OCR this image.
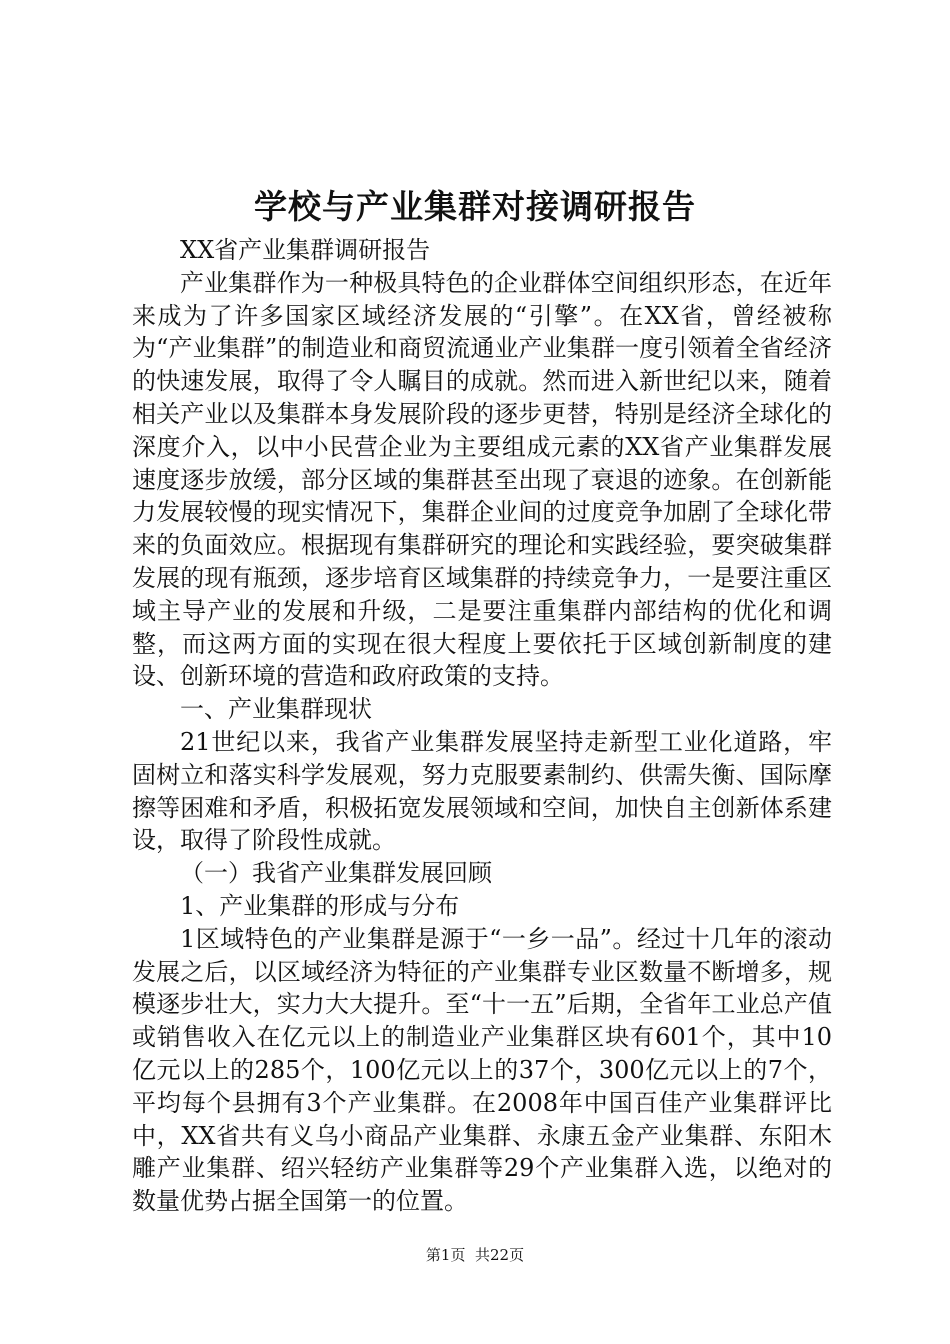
学校与产业集群对接调研报告

XX省产业集群调研报告

产业集群作为一种极具特色的企业群体空间组织形态，在近年来成为了许多国家区域经济发展的“引擎”。在XX省，曾经被称为“产业集群”的制造业和商贸流通业产业集群一度引领着全省经济的快速发展，取得了令人瞩目的成就。然而进入新世纪以来，随着相关产业以及集群本身发展阶段的逐步更替，特别是经济全球化的深度介入，以中小民营企业为主要组成元素的XX省产业集群发展速度逐步放缓，部分区域的集群甚至出现了衰退的迹象。在创新能力发展较慢的现实情况下，集群企业间的过度竞争加剧了全球化带来的负面效应。根据现有集群研究的理论和实践经验，要突破集群发展的现有瓶颈，逐步培育区域集群的持续竞争力，一是要注重区域主导产业的发展和升级，二是要注重集群内部结构的优化和调整，而这两方面的实现在很大程度上要依托于区域创新制度的建设、创新环境的营造和政府政策的支持。

一、产业集群现状

21世纪以来，我省产业集群发展坚持走新型工业化道路，牢固树立和落实科学发展观，努力克服要素制约、供需失衡、国际摩擦等困难和矛盾，积极拓宽发展领域和空间，加快自主创新体系建设，取得了阶段性成就。

（一）我省产业集群发展回顾

1、产业集群的形成与分布

1区域特色的产业集群是源于“一乡一品”。经过十几年的滚动发展之后，以区域经济为特征的产业集群专业区数量不断增多，规模逐步壮大，实力大大提升。至“十一五”后期，全省年工业总产值或销售收入在亿元以上的制造业产业集群区块有601个，其中10亿元以上的285个，100亿元以上的37个，300亿元以上的7个，平均每个县拥有3个产业集群。在2008年中国百佳产业集群评比中，XX省共有义乌小商品产业集群、永康五金产业集群、东阳木雕产业集群、绍兴轻纺产业集群等29个产业集群入选，以绝对的数量优势占据全国第一的位置。

第1页 共22页
